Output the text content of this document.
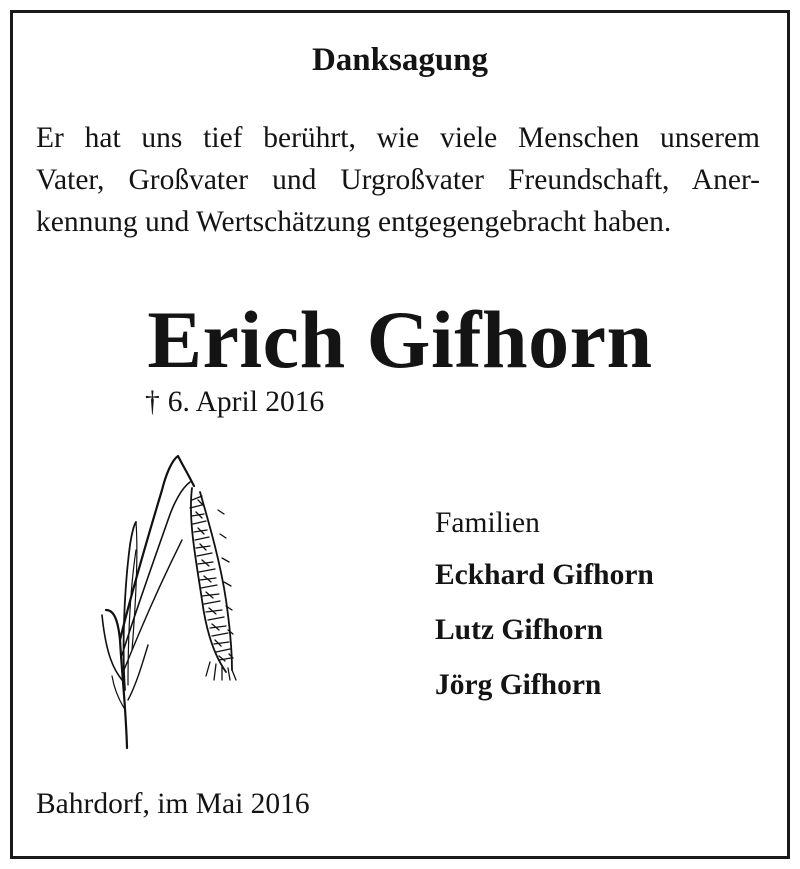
Danksagung
Er hat uns tief berührt, wie viele Menschen unserem
Vater, Großvater und Urgroßvater Freundschaft, Aner-
kennung und Wertschätzung entgegengebracht haben.
Erich Gifhorn
† 6. April 2016
Familien
Eckhard Gifhorn
Lutz Gifhorn
Jörg Gifhorn
Bahrdorf, im Mai 2016
